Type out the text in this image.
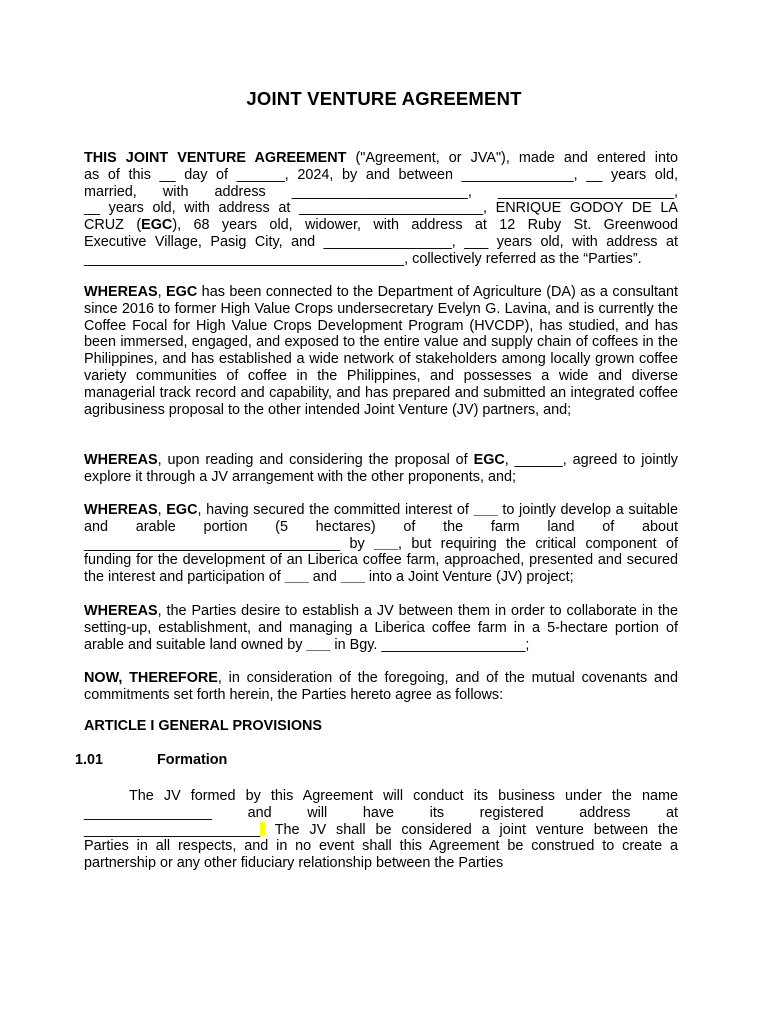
JOINT VENTURE AGREEMENT
THIS JOINT VENTURE AGREEMENT ("Agreement, or JVA"), made and entered into
as of this __ day of ______, 2024, by and between ______________, __ years old,
married, with address ______________________, ______________________,
__ years old, with address at _______________________, ENRIQUE GODOY DE LA
CRUZ (EGC), 68 years old, widower, with address at 12 Ruby St. Greenwood
Executive Village, Pasig City, and ________________, ___ years old, with address at
________________________________________, collectively referred as the “Parties”.
WHEREAS, EGC has been connected to the Department of Agriculture (DA) as a consultant since 2016 to former High Value Crops undersecretary Evelyn G. Lavina, and is currently the Coffee Focal for High Value Crops Development Program (HVCDP), has studied, and has been immersed, engaged, and exposed to the entire value and supply chain of coffees in the Philippines, and has established a wide network of stakeholders among locally grown coffee variety communities of coffee in the Philippines, and possesses a wide and diverse managerial track record and capability, and has prepared and submitted an integrated coffee agribusiness proposal to the other intended Joint Venture (JV) partners, and;
WHEREAS, upon reading and considering the proposal of EGC, ______, agreed to jointly explore it through a JV arrangement with the other proponents, and;
WHEREAS, EGC, having secured the committed interest of ___ to jointly develop a suitable and arable portion (5 hectares) of the farm land of about ________________________________ by ___, but requiring the critical component of funding for the development of an Liberica coffee farm, approached, presented and secured the interest and participation of ___ and ___ into a Joint Venture (JV) project;
WHEREAS, the Parties desire to establish a JV between them in order to collaborate in the setting-up, establishment, and managing a Liberica coffee farm in a 5-hectare portion of arable and suitable land owned by ___ in Bgy. __________________;
NOW, THEREFORE, in consideration of the foregoing, and of the mutual covenants and commitments set forth herein, the Parties hereto agree as follows:
ARTICLE I GENERAL PROVISIONS
1.01	Formation
The JV formed by this Agreement will conduct its business under the name
________________ and will have its registered address at
______________________ The JV shall be considered a joint venture between the
Parties in all respects, and in no event shall this Agreement be construed to create a partnership or any other fiduciary relationship between the Parties
